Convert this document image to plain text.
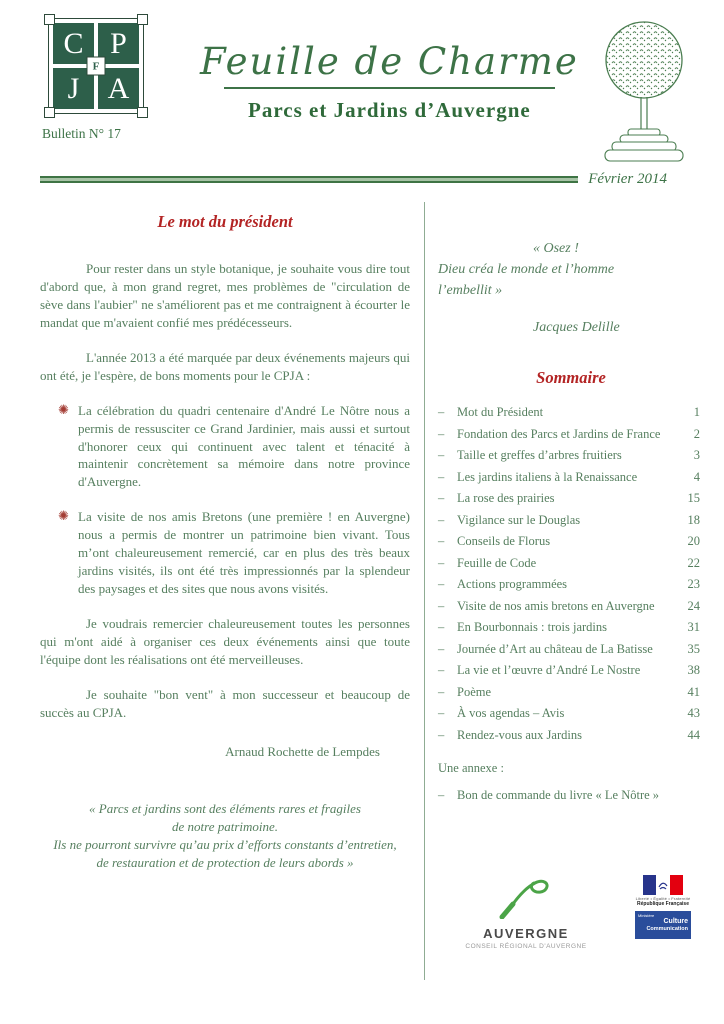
C P
J A
F
Bulletin N° 17
Feuille de Charme
Parcs et Jardins d’Auvergne
Février 2014
Le mot du président

Pour rester dans un style botanique, je souhaite vous dire tout d'abord que, à mon grand regret, mes problèmes de "circulation de sève dans l'aubier" ne s'améliorent pas et me contraignent à écourter le mandat que m'avaient confié mes prédécesseurs.

L'année 2013 a été marquée par deux événements majeurs qui ont été, je l'espère, de bons moments pour le CPJA :

✺ La célébration du quadri centenaire d'André Le Nôtre nous a permis de ressusciter ce Grand Jardinier, mais aussi et surtout d'honorer ceux qui continuent avec talent et ténacité à maintenir concrètement sa mémoire dans notre province d'Auvergne.
✺ La visite de nos amis Bretons (une première ! en Auvergne) nous a permis de montrer un patrimoine bien vivant. Tous m’ont chaleureusement remercié, car en plus des très beaux jardins visités, ils ont été très impressionnés par la splendeur des paysages et des sites que nous avons visités.

Je voudrais remercier chaleureusement toutes les personnes qui m'ont aidé à organiser ces deux événements ainsi que toute l'équipe dont les réalisations ont été merveilleuses.

Je souhaite "bon vent" à mon successeur et beaucoup de succès au CPJA.

Arnaud Rochette de Lempdes
« Parcs et jardins sont des éléments rares et fragiles
de notre patrimoine.
Ils ne pourront survivre qu’au prix d’efforts constants d’entretien,
de restauration et de protection de leurs abords »
« Osez !
Dieu créa le monde et l’homme
l’embellit »
Jacques Delille
Sommaire
–	Mot du Président	1
–	Fondation des Parcs et Jardins de France	2
–	Taille et greffes d’arbres fruitiers	3
–	Les jardins italiens à la Renaissance	4
–	La rose des prairies	15
–	Vigilance sur le Douglas	18
–	Conseils de Florus	20
–	Feuille de Code	22
–	Actions programmées	23
–	Visite de nos amis bretons en Auvergne	24
–	En Bourbonnais : trois jardins	31
–	Journée d’Art au château de La Batisse	35
–	La vie et l’œuvre d’André Le Nostre	38
–	Poème	41
–	À vos agendas – Avis	43
–	Rendez-vous aux Jardins	44
Une annexe :
–	Bon de commande du livre « Le Nôtre »
AUVERGNE
CONSEIL RÉGIONAL D'AUVERGNE
Liberté • Égalité • Fraternité
République Française
Ministère
Culture
Communication
